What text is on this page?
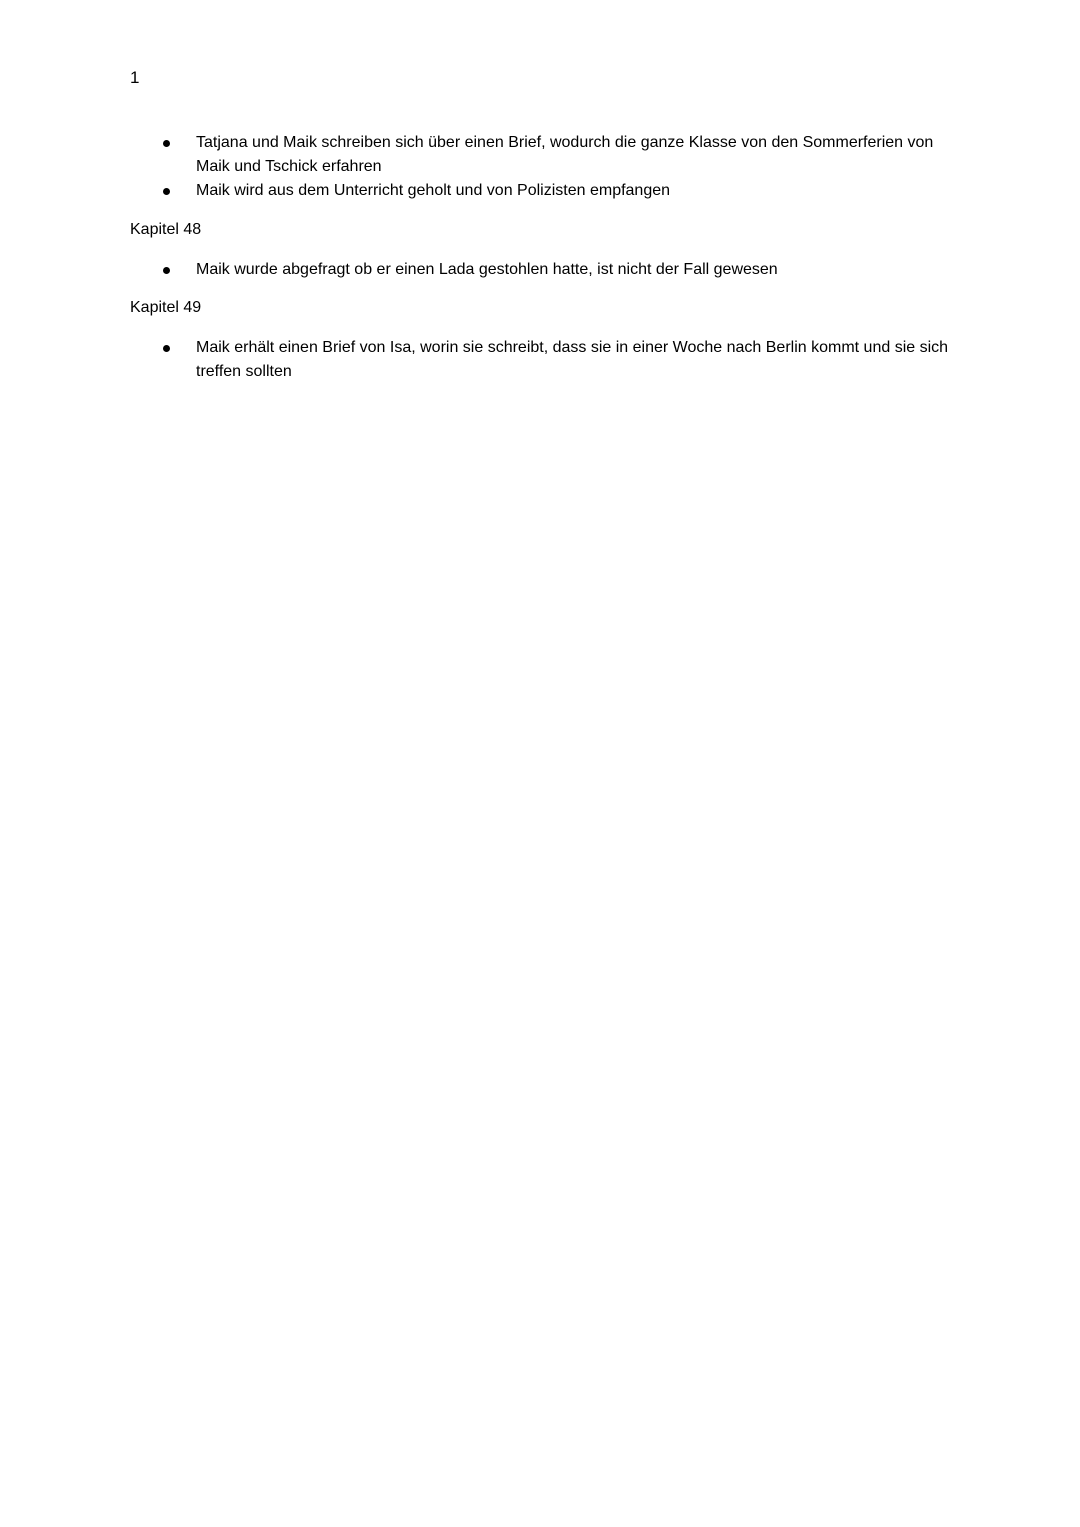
1
Tatjana und Maik schreiben sich über einen Brief, wodurch die ganze Klasse von den Sommerferien von Maik und Tschick erfahren
Maik wird aus dem Unterricht geholt und von Polizisten empfangen
Kapitel 48
Maik wurde abgefragt ob er einen Lada gestohlen hatte, ist nicht der Fall gewesen
Kapitel 49
Maik erhält einen Brief von Isa, worin sie schreibt, dass sie in einer Woche nach Berlin kommt und sie sich treffen sollten
